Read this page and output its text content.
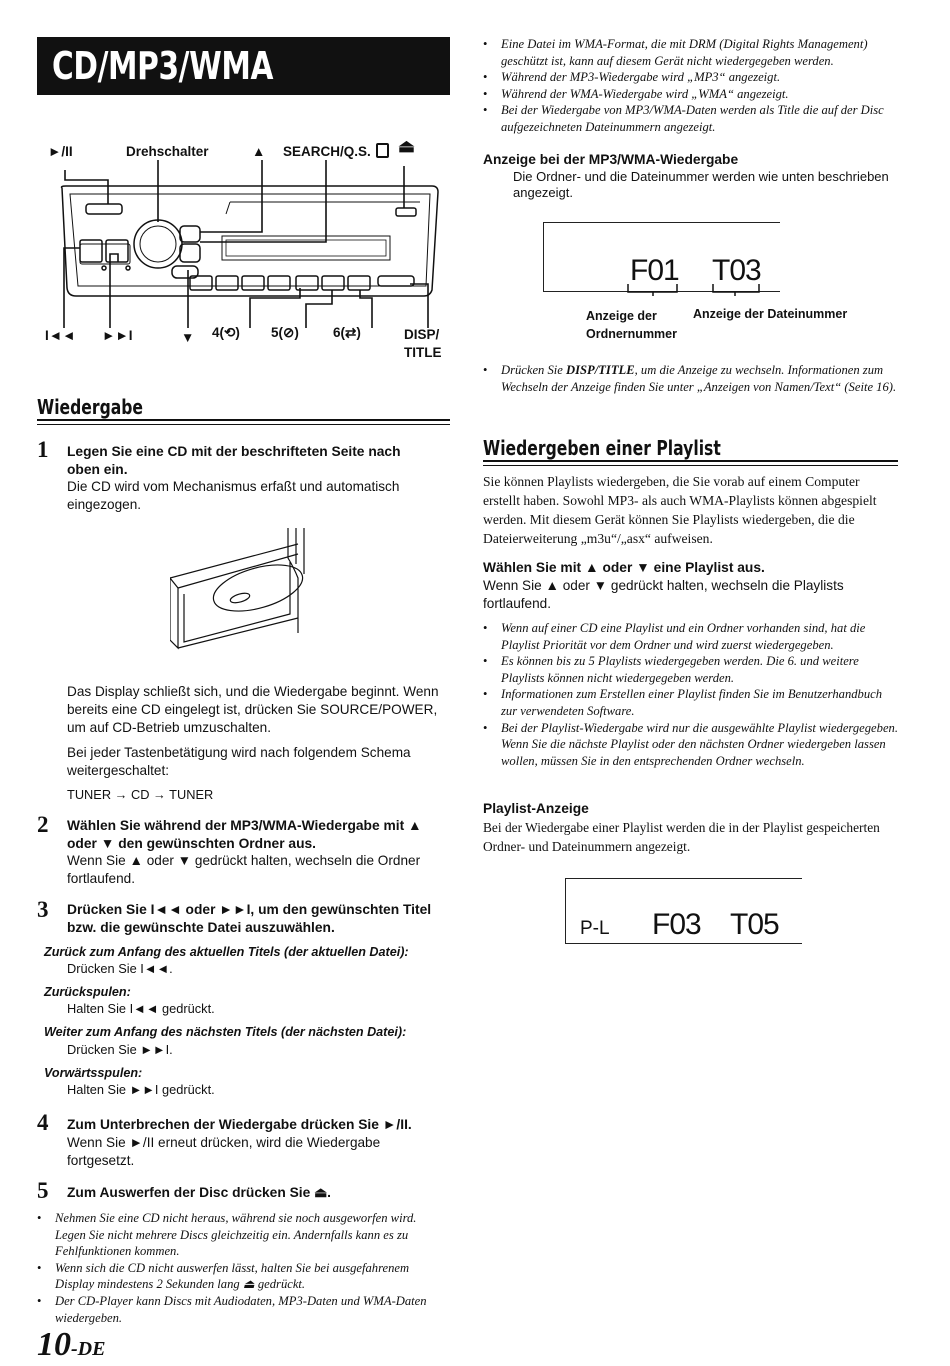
CD/MP3/WMA
►/II	Drehschalter	▲ SEARCH/Q.S. ⏏
I◄◄ ►►I	▼ 4(⟲) 5(⊘)	6(⇄)	DISP/
TITLE
Wiedergabe
1 Legen Sie eine CD mit der beschrifteten Seite nach oben ein.
Die CD wird vom Mechanismus erfaßt und automatisch eingezogen.
Das Display schließt sich, und die Wiedergabe beginnt. Wenn bereits eine CD eingelegt ist, drücken Sie SOURCE/POWER, um auf CD-Betrieb umzuschalten.
Bei jeder Tastenbetätigung wird nach folgendem Schema weitergeschaltet:
TUNER → CD → TUNER
2 Wählen Sie während der MP3/WMA-Wiedergabe mit ▲ oder ▼ den gewünschten Ordner aus.
Wenn Sie ▲ oder ▼ gedrückt halten, wechseln die Ordner fortlaufend.
3 Drücken Sie I◄◄ oder ►►I, um den gewünschten Titel bzw. die gewünschte Datei auszuwählen.
Zurück zum Anfang des aktuellen Titels (der aktuellen Datei):
Drücken Sie I◄◄.
Zurückspulen:
Halten Sie I◄◄ gedrückt.
Weiter zum Anfang des nächsten Titels (der nächsten Datei):
Drücken Sie ►►I.
Vorwärtsspulen:
Halten Sie ►►I gedrückt.
4 Zum Unterbrechen der Wiedergabe drücken Sie ►/II.
Wenn Sie ►/II erneut drücken, wird die Wiedergabe fortgesetzt.
5 Zum Auswerfen der Disc drücken Sie ⏏.
• Nehmen Sie eine CD nicht heraus, während sie noch ausgeworfen wird. Legen Sie nicht mehrere Discs gleichzeitig ein. Andernfalls kann es zu Fehlfunktionen kommen.
• Wenn sich die CD nicht auswerfen lässt, halten Sie bei ausgefahrenem Display mindestens 2 Sekunden lang ⏏ gedrückt.
• Der CD-Player kann Discs mit Audiodaten, MP3-Daten und WMA-Daten wiedergeben.
10-DE
• Eine Datei im WMA-Format, die mit DRM (Digital Rights Management) geschützt ist, kann auf diesem Gerät nicht wiedergegeben werden.
• Während der MP3-Wiedergabe wird „MP3“ angezeigt.
• Während der WMA-Wiedergabe wird „WMA“ angezeigt.
• Bei der Wiedergabe von MP3/WMA-Daten werden als Title die auf der Disc aufgezeichneten Dateinummern angezeigt.
Anzeige bei der MP3/WMA-Wiedergabe
Die Ordner- und die Dateinummer werden wie unten beschrieben angezeigt.
F01 T03
Anzeige der
Ordnernummer
Anzeige der Dateinummer
• Drücken Sie DISP/TITLE, um die Anzeige zu wechseln. Informationen zum Wechseln der Anzeige finden Sie unter „Anzeigen von Namen/Text“ (Seite 16).
Wiedergeben einer Playlist
Sie können Playlists wiedergeben, die Sie vorab auf einem Computer erstellt haben. Sowohl MP3- als auch WMA-Playlists können abgespielt werden. Mit diesem Gerät können Sie Playlists wiedergeben, die die Dateierweiterung „m3u“/„asx“ aufweisen.
Wählen Sie mit ▲ oder ▼ eine Playlist aus.
Wenn Sie ▲ oder ▼ gedrückt halten, wechseln die Playlists fortlaufend.
• Wenn auf einer CD eine Playlist und ein Ordner vorhanden sind, hat die Playlist Priorität vor dem Ordner und wird zuerst wiedergegeben.
• Es können bis zu 5 Playlists wiedergegeben werden. Die 6. und weitere Playlists können nicht wiedergegeben werden.
• Informationen zum Erstellen einer Playlist finden Sie im Benutzerhandbuch zur verwendeten Software.
• Bei der Playlist-Wiedergabe wird nur die ausgewählte Playlist wiedergegeben. Wenn Sie die nächste Playlist oder den nächsten Ordner wiedergeben lassen wollen, müssen Sie in den entsprechenden Ordner wechseln.
Playlist-Anzeige
Bei der Wiedergabe einer Playlist werden die in der Playlist gespeicherten Ordner- und Dateinummern angezeigt.
P-L F03 T05
